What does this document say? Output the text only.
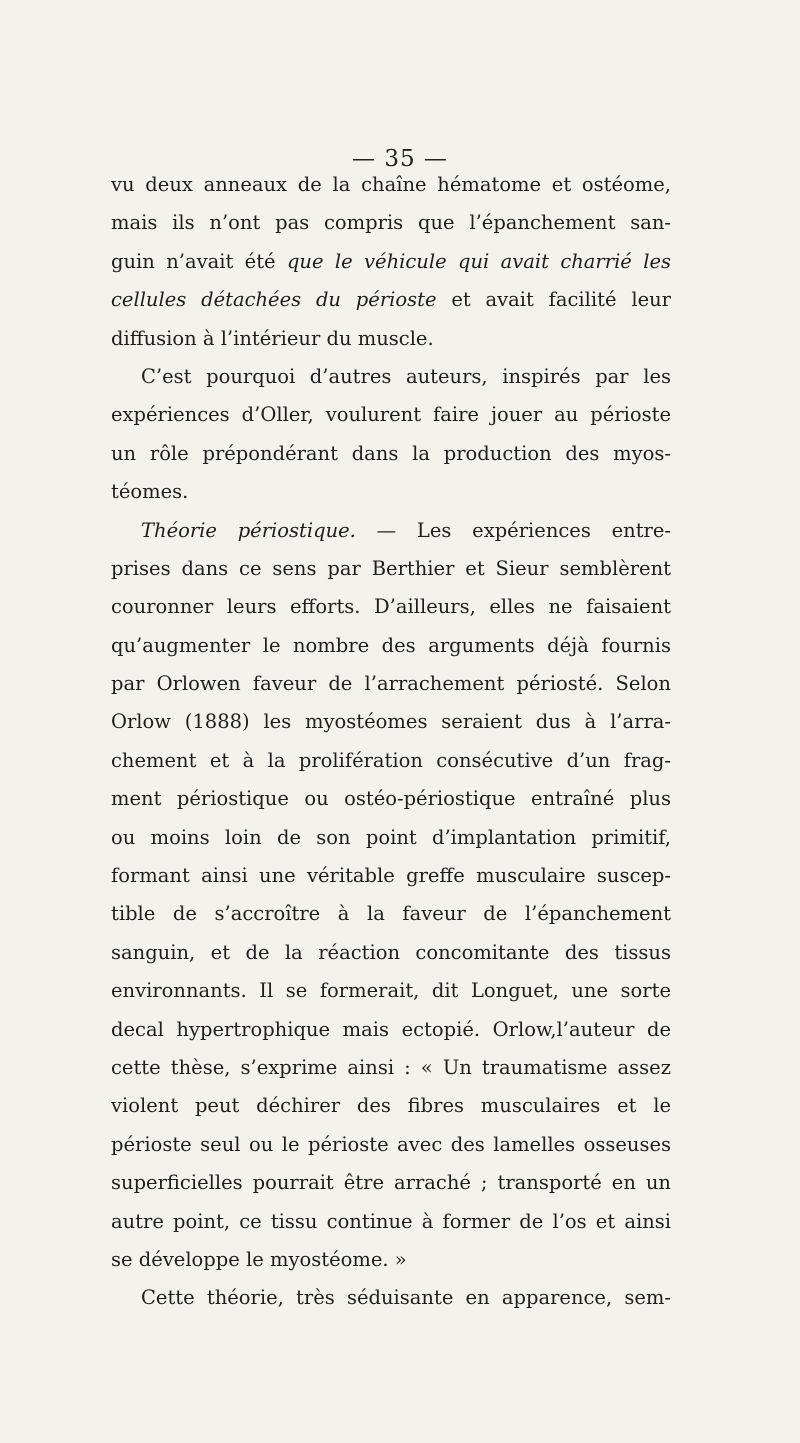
— 35 —
vu deux anneaux de la chaîne hématome et ostéome,
mais ils n’ont pas compris que l’épanchement san-
guin n’avait été que le véhicule qui avait charrié les
cellules détachées du périoste et avait facilité leur
diffusion à l’intérieur du muscle.
C’est pourquoi d’autres auteurs, inspirés par les
expériences d’Oller, voulurent faire jouer au périoste
un rôle prépondérant dans la production des myos-
téomes.
Théorie périostique. — Les expériences entre-
prises dans ce sens par Berthier et Sieur semblèrent
couronner leurs efforts. D’ailleurs, elles ne faisaient
qu’augmenter le nombre des arguments déjà fournis
par Orlowen faveur de l’arrachement périosté. Selon
Orlow (1888) les myostéomes seraient dus à l’arra-
chement et à la prolifération consécutive d’un frag-
ment périostique ou ostéo-périostique entraîné plus
ou moins loin de son point d’implantation primitif,
formant ainsi une véritable greffe musculaire suscep-
tible de s’accroître à la faveur de l’épanchement
sanguin, et de la réaction concomitante des tissus
environnants. Il se formerait, dit Longuet, une sorte
decal hypertrophique mais ectopié. Orlow,l’auteur de
cette thèse, s’exprime ainsi : « Un traumatisme assez
violent peut déchirer des fibres musculaires et le
périoste seul ou le périoste avec des lamelles osseuses
superficielles pourrait être arraché ; transporté en un
autre point, ce tissu continue à former de l’os et ainsi
se développe le myostéome. »
Cette théorie, très séduisante en apparence, sem-
